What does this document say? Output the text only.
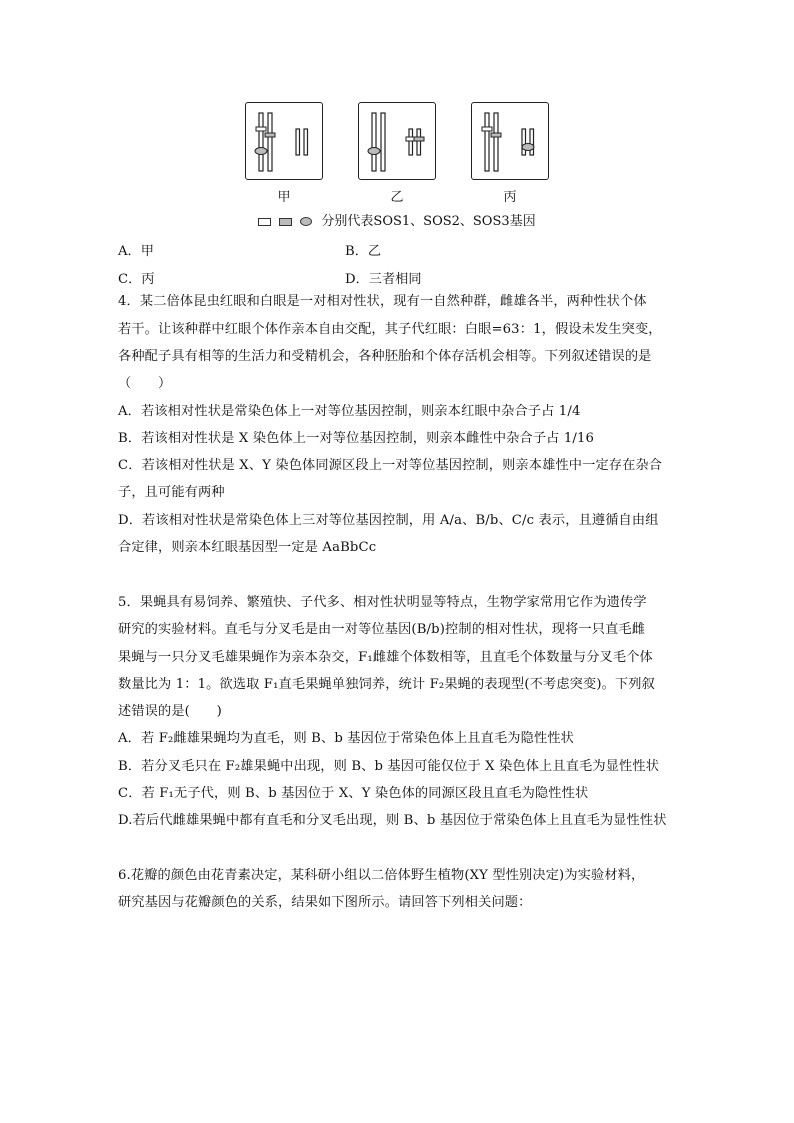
甲	乙	丙
分别代表SOS1、SOS2、SOS3基因
A．甲	B．乙
C．丙	D．三者相同
4．某二倍体昆虫红眼和白眼是一对相对性状，现有一自然种群，雌雄各半，两种性状个体
若干。让该种群中红眼个体作亲本自由交配，其子代红眼：白眼=63：1，假设未发生突变，
各种配子具有相等的生活力和受精机会，各种胚胎和个体存活机会相等。下列叙述错误的是
（　　）
A．若该相对性状是常染色体上一对等位基因控制，则亲本红眼中杂合子占 1/4
B．若该相对性状是 X 染色体上一对等位基因控制，则亲本雌性中杂合子占 1/16
C．若该相对性状是 X、Y 染色体同源区段上一对等位基因控制，则亲本雄性中一定存在杂合
子，且可能有两种
D．若该相对性状是常染色体上三对等位基因控制，用 A/a、B/b、C/c 表示，且遵循自由组
合定律，则亲本红眼基因型一定是 AaBbCc
5．果蝇具有易饲养、繁殖快、子代多、相对性状明显等特点，生物学家常用它作为遗传学
研究的实验材料。直毛与分叉毛是由一对等位基因(B/b)控制的相对性状，现将一只直毛雌
果蝇与一只分叉毛雄果蝇作为亲本杂交，F₁雌雄个体数相等，且直毛个体数量与分叉毛个体
数量比为 1：1。欲选取 F₁直毛果蝇单独饲养，统计 F₂果蝇的表现型(不考虑突变)。下列叙
述错误的是(　　)
A．若 F₂雌雄果蝇均为直毛，则 B、b 基因位于常染色体上且直毛为隐性性状
B．若分叉毛只在 F₂雄果蝇中出现，则 B、b 基因可能仅位于 X 染色体上且直毛为显性性状
C．若 F₁无子代，则 B、b 基因位于 X、Y 染色体的同源区段且直毛为隐性性状
D.若后代雌雄果蝇中都有直毛和分叉毛出现，则 B、b 基因位于常染色体上且直毛为显性性状
6.花瓣的颜色由花青素决定，某科研小组以二倍体野生植物(XY 型性别决定)为实验材料，
研究基因与花瓣颜色的关系，结果如下图所示。请回答下列相关问题：
